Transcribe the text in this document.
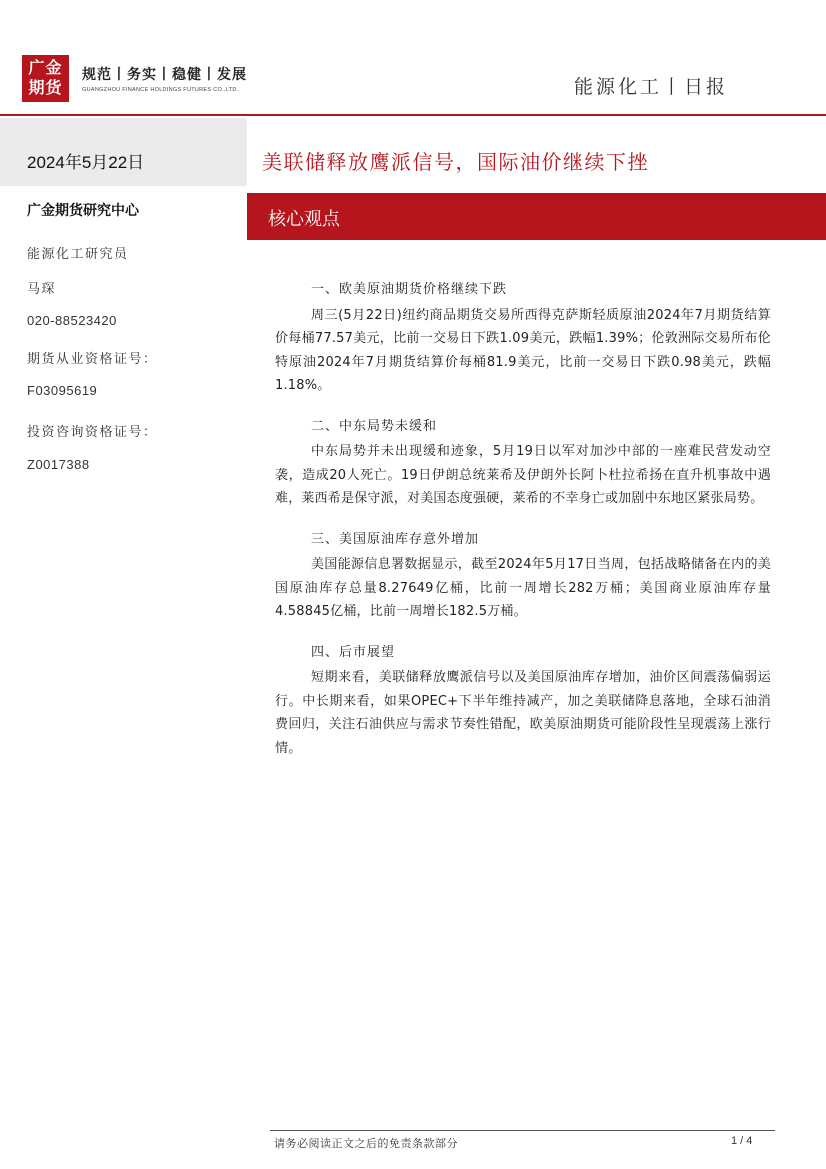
广金
期货
规范丨务实丨稳健丨发展
GUANGZHOU FINANCE HOLDINGS FUTURES CO.,LTD.	能源化工丨日报
2024年5月22日
广金期货研究中心
能源化工研究员
马琛
020-88523420
期货从业资格证号：
F03095619
投资咨询资格证号：
Z0017388
美联储释放鹰派信号，国际油价继续下挫
核心观点
一、欧美原油期货价格继续下跌
周三(5月22日)纽约商品期货交易所西得克萨斯轻质原油2024年7月期货结算价每桶77.57美元，比前一交易日下跌1.09美元，跌幅1.39%；伦敦洲际交易所布伦特原油2024年7月期货结算价每桶81.9美元，比前一交易日下跌0.98美元，跌幅1.18%。
二、中东局势未缓和
中东局势并未出现缓和迹象，5月19日以军对加沙中部的一座难民营发动空袭，造成20人死亡。19日伊朗总统莱希及伊朗外长阿卜杜拉希扬在直升机事故中遇难，莱西希是保守派，对美国态度强硬，莱希的不幸身亡或加剧中东地区紧张局势。
三、美国原油库存意外增加
美国能源信息署数据显示，截至2024年5月17日当周，包括战略储备在内的美国原油库存总量8.27649亿桶，比前一周增长282万桶；美国商业原油库存量4.58845亿桶，比前一周增长182.5万桶。
四、后市展望
短期来看，美联储释放鹰派信号以及美国原油库存增加，油价区间震荡偏弱运行。中长期来看，如果OPEC+下半年维持减产，加之美联储降息落地，全球石油消费回归，关注石油供应与需求节奏性错配，欧美原油期货可能阶段性呈现震荡上涨行情。
请务必阅读正文之后的免责条款部分	1 / 4
